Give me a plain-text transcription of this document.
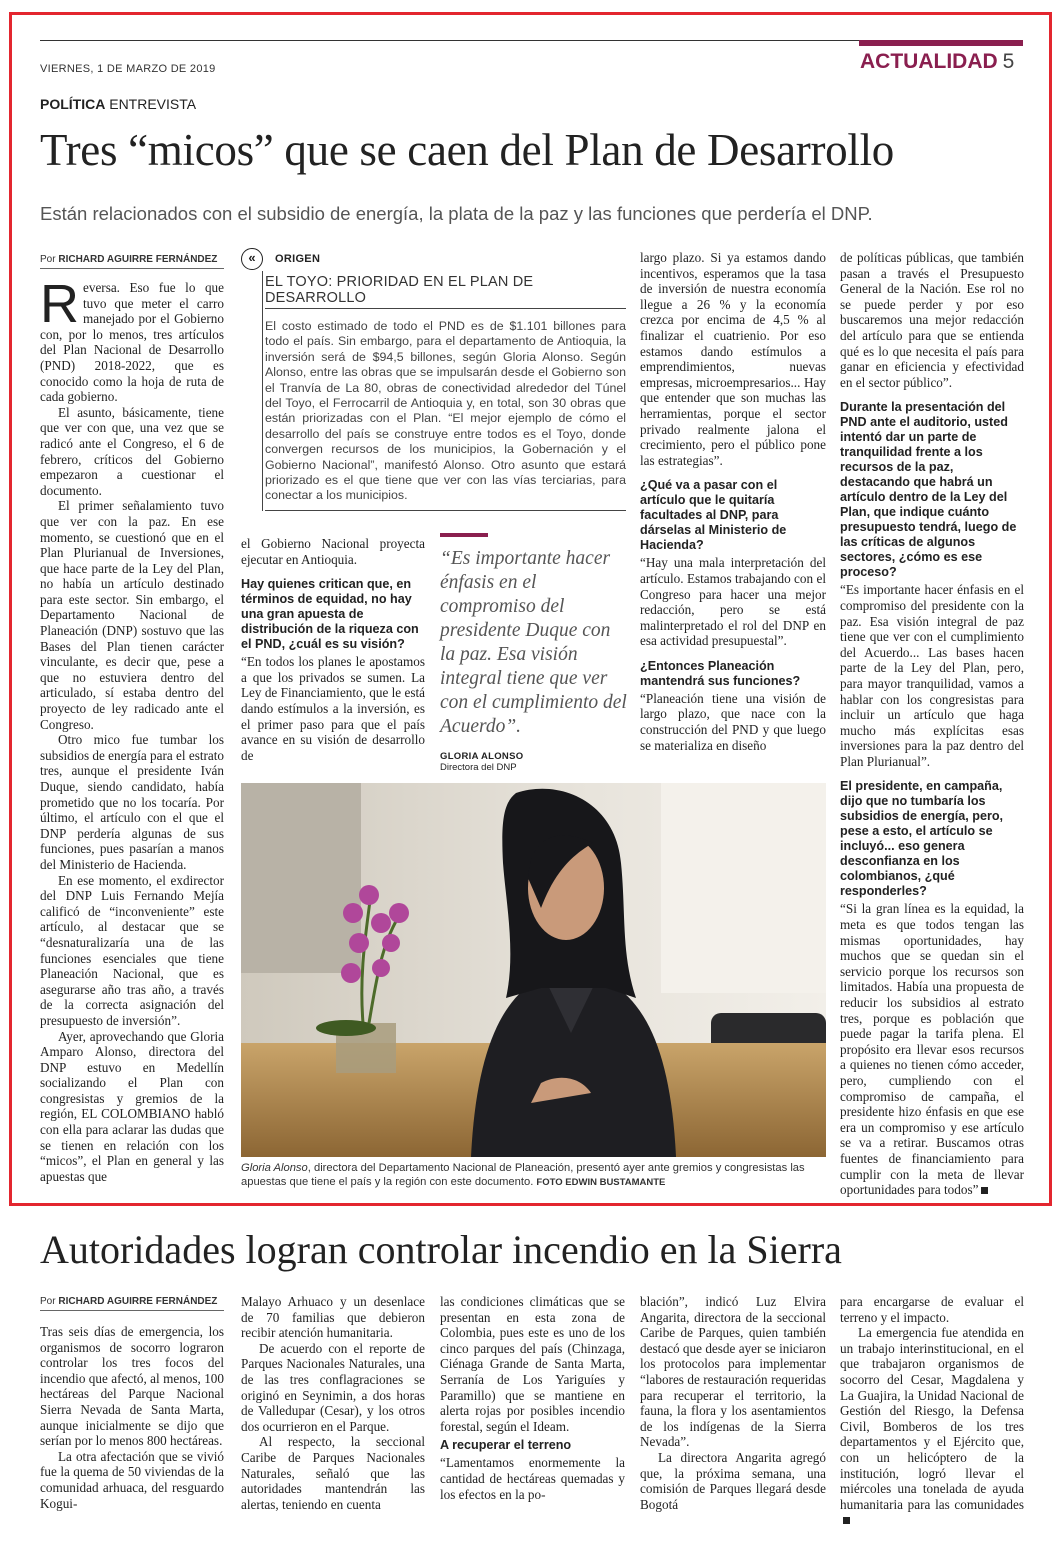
VIERNES, 1 DE MARZO DE 2019	ACTUALIDAD 5
POLÍTICA ENTREVISTA
Tres “micos” que se caen del Plan de Desarrollo
Están relacionados con el subsidio de energía, la plata de la paz y las funciones que perdería el DNP.
Por RICHARD AGUIRRE FERNÁNDEZ

Reversa. Eso fue lo que tuvo que meter el carro manejado por el Gobierno con, por lo menos, tres artículos del Plan Nacional de Desarrollo (PND) 2018-2022, que es conocido como la hoja de ruta de cada gobierno.

El asunto, básicamente, tiene que ver con que, una vez que se radicó ante el Congreso, el 6 de febrero, críticos del Gobierno empezaron a cuestionar el documento.

El primer señalamiento tuvo que ver con la paz. En ese momento, se cuestionó que en el Plan Plurianual de Inversiones, que hace parte de la Ley del Plan, no había un artículo destinado para este sector. Sin embargo, el Departamento Nacional de Planeación (DNP) sostuvo que las Bases del Plan tienen carácter vinculante, es decir que, pese a que no estuviera dentro del articulado, sí estaba dentro del proyecto de ley radicado ante el Congreso.

Otro mico fue tumbar los subsidios de energía para el estrato tres, aunque el presidente Iván Duque, siendo candidato, había prometido que no los tocaría. Por último, el artículo con el que el DNP perdería algunas de sus funciones, pues pasarían a manos del Ministerio de Hacienda.

En ese momento, el exdirector del DNP Luis Fernando Mejía calificó de “inconveniente” este artículo, al destacar que se “desnaturalizaría una de las funciones esenciales que tiene Planeación Nacional, que es asegurarse año tras año, a través de la correcta asignación del presupuesto de inversión”.

Ayer, aprovechando que Gloria Amparo Alonso, directora del DNP estuvo en Medellín socializando el Plan con congresistas y gremios de la región, EL COLOMBIANO habló con ella para aclarar las dudas que se tienen en relación con los “micos”, el Plan en general y las apuestas que

«	ORIGEN
EL TOYO: PRIORIDAD EN EL PLAN DE DESARROLLO
El costo estimado de todo el PND es de $1.101 billones para todo el país. Sin embargo, para el departamento de Antioquia, la inversión será de $94,5 billones, según Gloria Alonso. Según Alonso, entre las obras que se impulsarán desde el Gobierno son el Tranvía de La 80, obras de conectividad alrededor del Túnel del Toyo, el Ferrocarril de Antioquia y, en total, son 30 obras que están priorizadas con el Plan. “El mejor ejemplo de cómo el desarrollo del país se construye entre todos es el Toyo, donde convergen recursos de los municipios, la Gobernación y el Gobierno Nacional”, manifestó Alonso. Otro asunto que estará priorizado es el que tiene que ver con las vías terciarias, para conectar a los municipios.

el Gobierno Nacional proyecta ejecutar en Antioquia.

Hay quienes critican que, en términos de equidad, no hay una gran apuesta de distribución de la riqueza con el PND, ¿cuál es su visión?

“En todos los planes le apostamos a que los privados se sumen. La Ley de Financiamiento, que le está dando estímulos a la inversión, es el primer paso para que el país avance en su visión de desarrollo de

“Es importante hacer énfasis en el compromiso del presidente Duque con la paz. Esa visión integral tiene que ver con el cumplimiento del Acuerdo”.
GLORIA ALONSO
Directora del DNP

largo plazo. Si ya estamos dando incentivos, esperamos que la tasa de inversión de nuestra economía llegue a 26 % y la economía crezca por encima de 4,5 % al finalizar el cuatrienio. Por eso estamos dando estímulos a emprendimientos, nuevas empresas, microempresarios... Hay que entender que son muchas las herramientas, porque el sector privado realmente jalona el crecimiento, pero el público pone las estrategias”.

¿Qué va a pasar con el artículo que le quitaría facultades al DNP, para dárselas al Ministerio de Hacienda?

“Hay una mala interpretación del artículo. Estamos trabajando con el Congreso para hacer una mejor redacción, pero se está malinterpretado el rol del DNP en esa actividad presupuestal”.

¿Entonces Planeación mantendrá sus funciones?

“Planeación tiene una visión de largo plazo, que nace con la construcción del PND y que luego se materializa en diseño

de políticas públicas, que también pasan a través el Presupuesto General de la Nación. Ese rol no se puede perder y por eso buscaremos una mejor redacción del artículo para que se entienda qué es lo que necesita el país para ganar en eficiencia y efectividad en el sector público”.

Durante la presentación del PND ante el auditorio, usted intentó dar un parte de tranquilidad frente a los recursos de la paz, destacando que habrá un artículo dentro de la Ley del Plan, que indique cuánto presupuesto tendrá, luego de las críticas de algunos sectores, ¿cómo es ese proceso?

“Es importante hacer énfasis en el compromiso del presidente con la paz. Esa visión integral de paz tiene que ver con el cumplimiento del Acuerdo... Las bases hacen parte de la Ley del Plan, pero, para mayor tranquilidad, vamos a hablar con los congresistas para incluir un artículo que haga mucho más explícitas esas inversiones para la paz dentro del Plan Plurianual”.

El presidente, en campaña, dijo que no tumbaría los subsidios de energía, pero, pese a esto, el artículo se incluyó... eso genera desconfianza en los colombianos, ¿qué responderles?

“Si la gran línea es la equidad, la meta es que todos tengan las mismas oportunidades, hay muchos que se quedan sin el servicio porque los recursos son limitados. Había una propuesta de reducir los subsidios al estrato tres, porque es población que puede pagar la tarifa plena. El propósito era llevar esos recursos a quienes no tienen cómo acceder, pero, cumpliendo con el compromiso de campaña, el presidente hizo énfasis en que ese era un compromiso y ese artículo se va a retirar. Buscamos otras fuentes de financiamiento para cumplir con la meta de llevar oportunidades para todos”

Gloria Alonso, directora del Departamento Nacional de Planeación, presentó ayer ante gremios y congresistas las apuestas que tiene el país y la región con este documento. FOTO EDWIN BUSTAMANTE
Autoridades logran controlar incendio en la Sierra
Por RICHARD AGUIRRE FERNÁNDEZ

Tras seis días de emergencia, los organismos de socorro lograron controlar los tres focos del incendio que afectó, al menos, 100 hectáreas del Parque Nacional Sierra Nevada de Santa Marta, aunque inicialmente se dijo que serían por lo menos 800 hectáreas.

La otra afectación que se vivió fue la quema de 50 viviendas de la comunidad arhuaca, del resguardo Kogui-

Malayo Arhuaco y un desenlace de 70 familias que debieron recibir atención humanitaria.

De acuerdo con el reporte de Parques Nacionales Naturales, una de las tres conflagraciones se originó en Seynimin, a dos horas de Valledupar (Cesar), y los otros dos ocurrieron en el Parque.

Al respecto, la seccional Caribe de Parques Nacionales Naturales, señaló que las autoridades mantendrán las alertas, teniendo en cuenta

las condiciones climáticas que se presentan en esta zona de Colombia, pues este es uno de los cinco parques del país (Chinzaga, Ciénaga Grande de Santa Marta, Serranía de Los Yariguíes y Paramillo) que se mantiene en alerta rojas por posibles incendio forestal, según el Ideam.

A recuperar el terreno

“Lamentamos enormemente la cantidad de hectáreas quemadas y los efectos en la po-

blación”, indicó Luz Elvira Angarita, directora de la seccional Caribe de Parques, quien también destacó que desde ayer se iniciaron los protocolos para implementar “labores de restauración requeridas para recuperar el territorio, la fauna, la flora y los asentamientos de los indígenas de la Sierra Nevada”.

La directora Angarita agregó que, la próxima semana, una comisión de Parques llegará desde Bogotá

para encargarse de evaluar el terreno y el impacto.

La emergencia fue atendida en un trabajo interinstitucional, en el que trabajaron organismos de socorro del Cesar, Magdalena y La Guajira, la Unidad Nacional de Gestión del Riesgo, la Defensa Civil, Bomberos de los tres departamentos y el Ejército que, con un helicóptero de la institución, logró llevar el miércoles una tonelada de ayuda humanitaria para las comunidades
